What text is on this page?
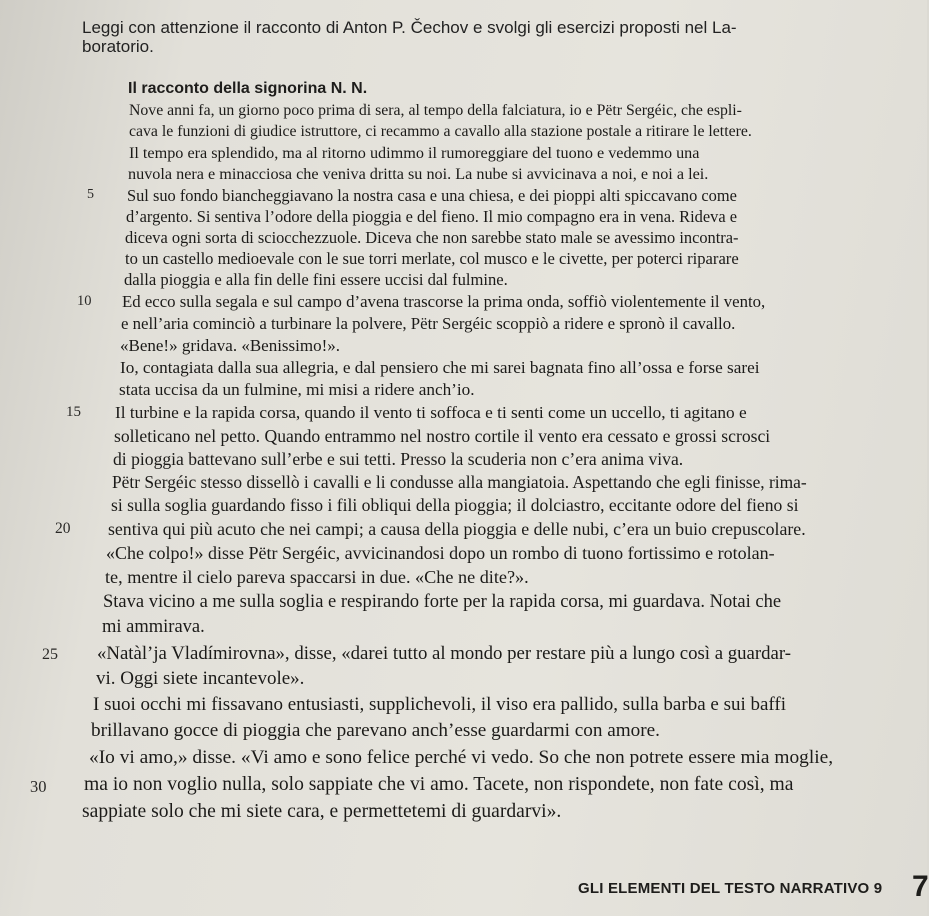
Leggi con attenzione il racconto di Anton P. Čechov e svolgi gli esercizi proposti nel La-
boratorio.

Il racconto della signorina N. N.

Nove anni fa, un giorno poco prima di sera, al tempo della falciatura, io e Pëtr Sergéic, che espli-

cava le funzioni di giudice istruttore, ci recammo a cavallo alla stazione postale a ritirare le lettere.

Il tempo era splendido, ma al ritorno udimmo il rumoreggiare del tuono e vedemmo una

nuvola nera e minacciosa che veniva dritta su noi. La nube si avvicinava a noi, e noi a lei.

5 Sul suo fondo biancheggiavano la nostra casa e una chiesa, e dei pioppi alti spiccavano come

d’argento. Si sentiva l’odore della pioggia e del fieno. Il mio compagno era in vena. Rideva e

diceva ogni sorta di sciocchezzuole. Diceva che non sarebbe stato male se avessimo incontra-

to un castello medioevale con le sue torri merlate, col musco e le civette, per poterci riparare

dalla pioggia e alla fin delle fini essere uccisi dal fulmine.

10 Ed ecco sulla segala e sul campo d’avena trascorse la prima onda, soffiò violentemente il vento,

e nell’aria cominciò a turbinare la polvere, Pëtr Sergéic scoppiò a ridere e spronò il cavallo.

«Bene!» gridava. «Benissimo!».

Io, contagiata dalla sua allegria, e dal pensiero che mi sarei bagnata fino all’ossa e forse sarei

stata uccisa da un fulmine, mi misi a ridere anch’io.

15 Il turbine e la rapida corsa, quando il vento ti soffoca e ti senti come un uccello, ti agitano e

solleticano nel petto. Quando entrammo nel nostro cortile il vento era cessato e grossi scrosci

di pioggia battevano sull’erbe e sui tetti. Presso la scuderia non c’era anima viva.

Pëtr Sergéic stesso dissellò i cavalli e li condusse alla mangiatoia. Aspettando che egli finisse, rima-

si sulla soglia guardando fisso i fili obliqui della pioggia; il dolciastro, eccitante odore del fieno si

20 sentiva qui più acuto che nei campi; a causa della pioggia e delle nubi, c’era un buio crepuscolare.

«Che colpo!» disse Pëtr Sergéic, avvicinandosi dopo un rombo di tuono fortissimo e rotolan-

te, mentre il cielo pareva spaccarsi in due. «Che ne dite?».

Stava vicino a me sulla soglia e respirando forte per la rapida corsa, mi guardava. Notai che

mi ammirava.

25 «Natàl’ja Vladímirovna», disse, «darei tutto al mondo per restare più a lungo così a guardar-

vi. Oggi siete incantevole».

I suoi occhi mi fissavano entusiasti, supplichevoli, il viso era pallido, sulla barba e sui baffi

brillavano gocce di pioggia che parevano anch’esse guardarmi con amore.

«Io vi amo,» disse. «Vi amo e sono felice perché vi vedo. So che non potrete essere mia moglie,

30 ma io non voglio nulla, solo sappiate che vi amo. Tacete, non rispondete, non fate così, ma

sappiate solo che mi siete cara, e permettetemi di guardarvi».

GLI ELEMENTI DEL TESTO NARRATIVO 9 7
